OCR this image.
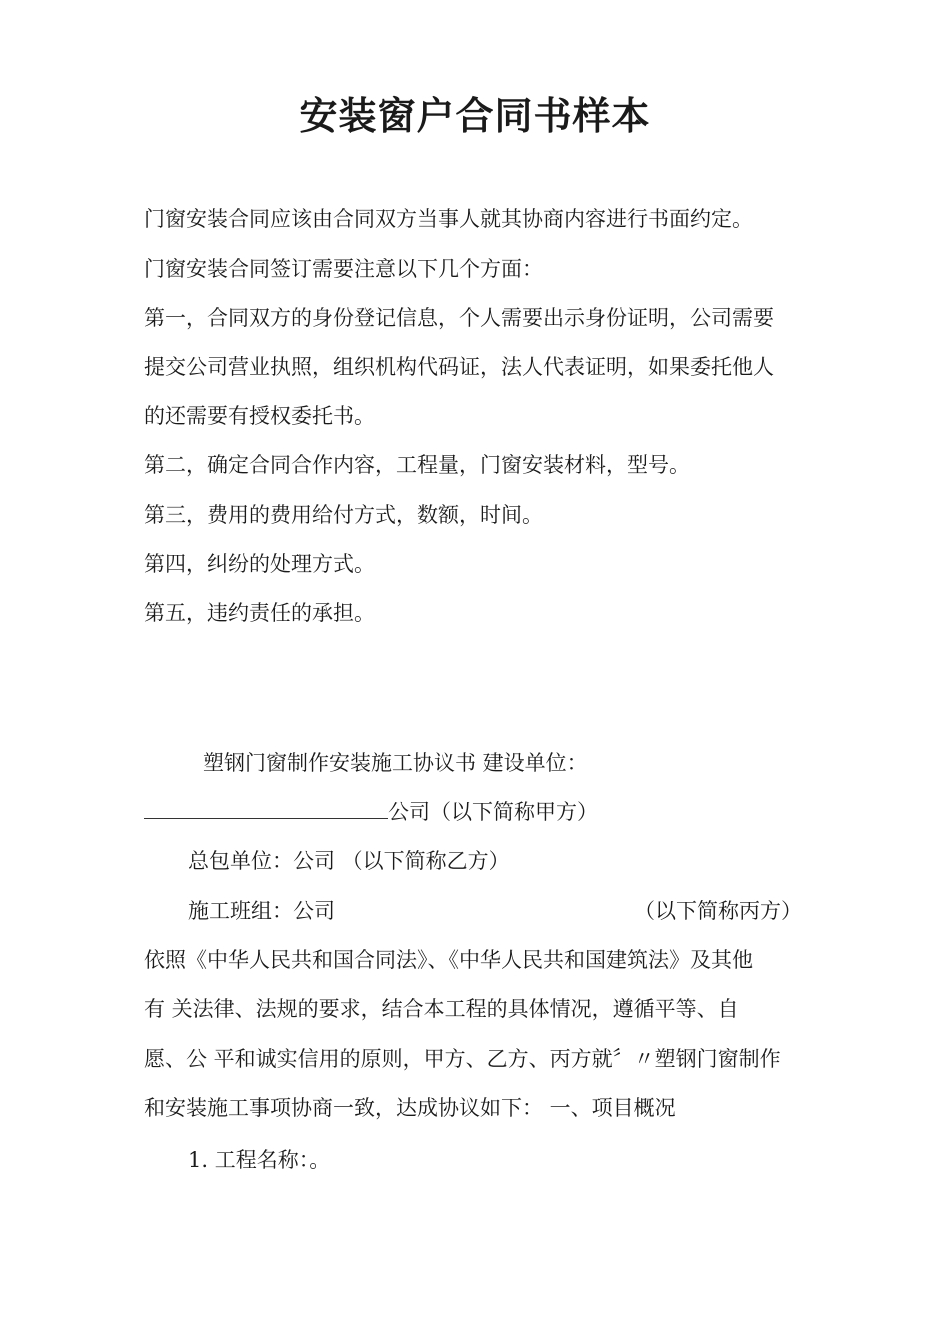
安装窗户合同书样本
门窗安装合同应该由合同双方当事人就其协商内容进行书面约定。
门窗安装合同签订需要注意以下几个方面：
第一，合同双方的身份登记信息，个人需要出示身份证明，公司需要
提交公司营业执照，组织机构代码证，法人代表证明，如果委托他人
的还需要有授权委托书。
第二，确定合同合作内容，工程量，门窗安装材料，型号。
第三，费用的费用给付方式，数额，时间。
第四，纠纷的处理方式。
第五，违约责任的承担。
塑钢门窗制作安装施工协议书 建设单位：
公司（以下简称甲方）
总包单位：公司 （以下简称乙方）
施工班组：公司	（以下简称丙方）
依照《中华人民共和国合同法》、《中华人民共和国建筑法》及其他
有 关法律、法规的要求，结合本工程的具体情况，遵循平等、自
愿、公 平和诚实信用的原则，甲方、乙方、丙方就〞〃塑钢门窗制作
和安装施工事项协商一致，达成协议如下： 一、项目概况
1. 工程名称：。
